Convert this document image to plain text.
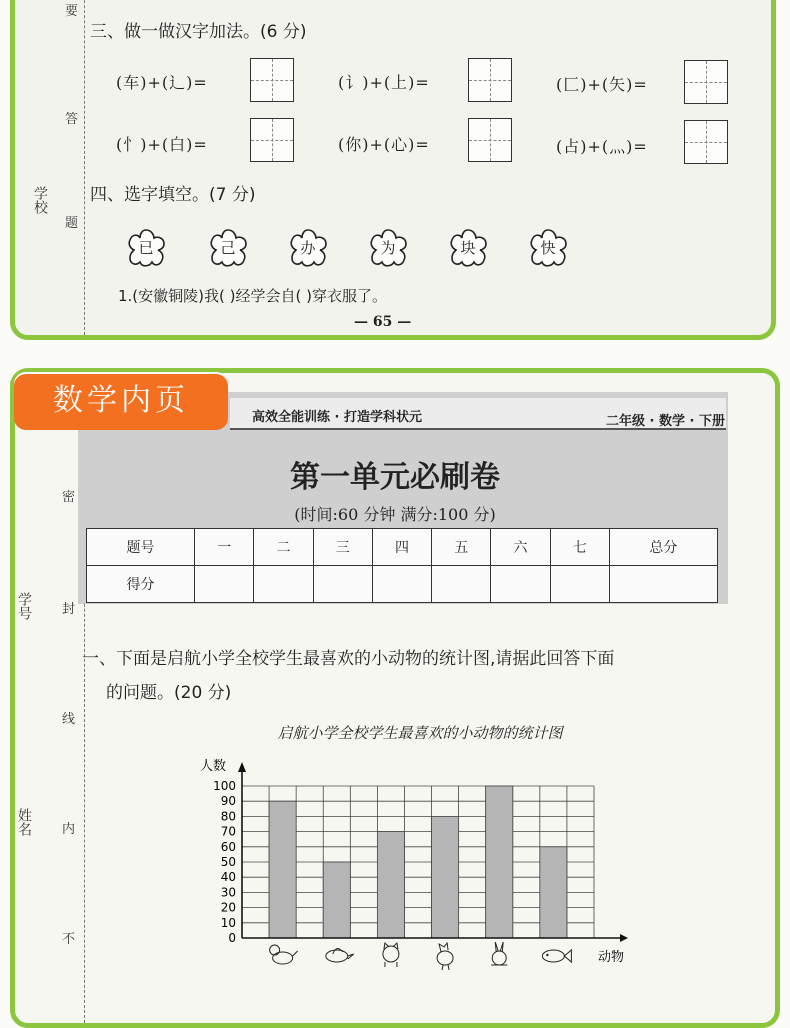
要
答
题
学校
三、做一做汉字加法。(6 分)
(车)+(辶)=	(讠)+(上)=	(匚)+(矢)=
(忄)+(白)=	(你)+(心)=	(占)+(灬)=
四、选字填空。(7 分)
已	己	办	为	块	快
1.(安徽铜陵)我( )经学会自( )穿衣服了。
— 65 —
数学内页	高效全能训练 · 打造学科状元	二年级 · 数学 · 下册
第一单元必刷卷
(时间:60 分钟 满分:100 分)
题号	一	二	三	四	五	六	七	总分
得分								
密
封
线
内
不
学号
姓名
一、下面是启航小学全校学生最喜欢的小动物的统计图,请据此回答下面
的问题。(20 分)
启航小学全校学生最喜欢的小动物的统计图
0
10
20
30
40
50
60
70
80
90
100
人数
动物
